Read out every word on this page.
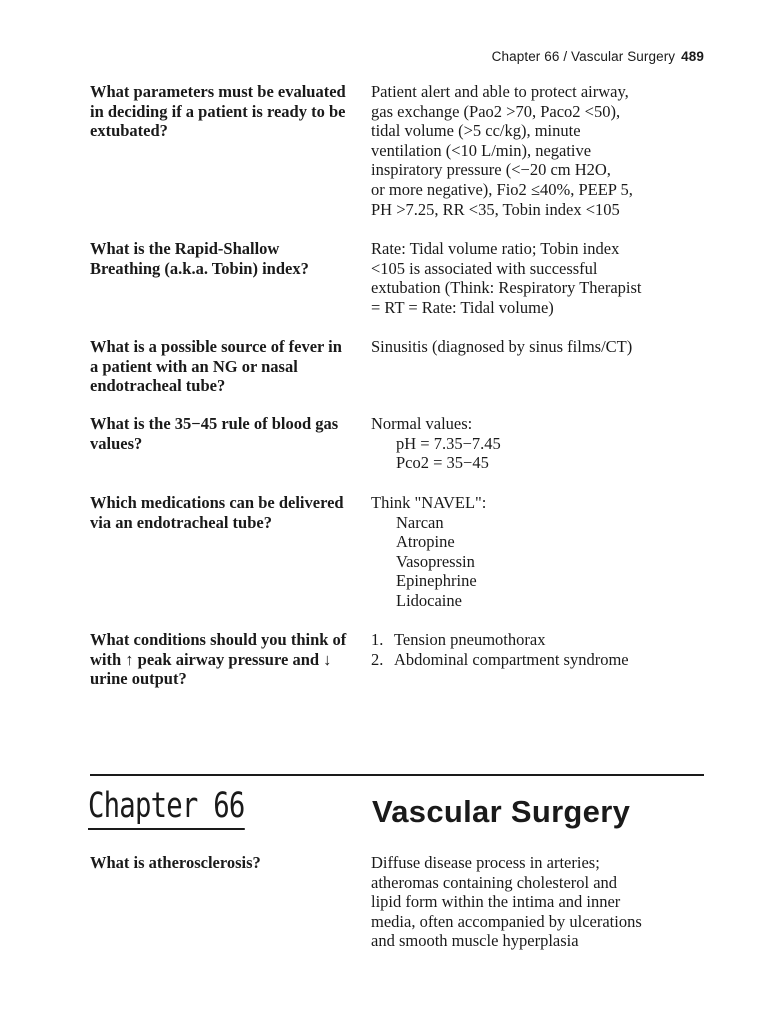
Chapter 66 / Vascular Surgery 489
What parameters must be evaluated in deciding if a patient is ready to be extubated?
Patient alert and able to protect airway,
gas exchange (Pao2 >70, Paco2 <50),
tidal volume (>5 cc/kg), minute
ventilation (<10 L/min), negative
inspiratory pressure (<−20 cm H2O,
or more negative), Fio2 ≤40%, PEEP 5,
PH >7.25, RR <35, Tobin index <105
What is the Rapid-Shallow Breathing (a.k.a. Tobin) index?
Rate: Tidal volume ratio; Tobin index
<105 is associated with successful
extubation (Think: Respiratory Therapist
= RT = Rate: Tidal volume)
What is a possible source of fever in a patient with an NG or nasal endotracheal tube?
Sinusitis (diagnosed by sinus films/CT)
What is the 35−45 rule of blood gas values?
Normal values:
pH = 7.35−7.45
Pco2 = 35−45
Which medications can be delivered via an endotracheal tube?
Think "NAVEL":
Narcan
Atropine
Vasopressin
Epinephrine
Lidocaine
What conditions should you think of with ↑ peak airway pressure and ↓ urine output?
1. Tension pneumothorax
2. Abdominal compartment syndrome
Chapter 66	Vascular Surgery
What is atherosclerosis?	Diffuse disease process in arteries;
atheromas containing cholesterol and
lipid form within the intima and inner
media, often accompanied by ulcerations
and smooth muscle hyperplasia
